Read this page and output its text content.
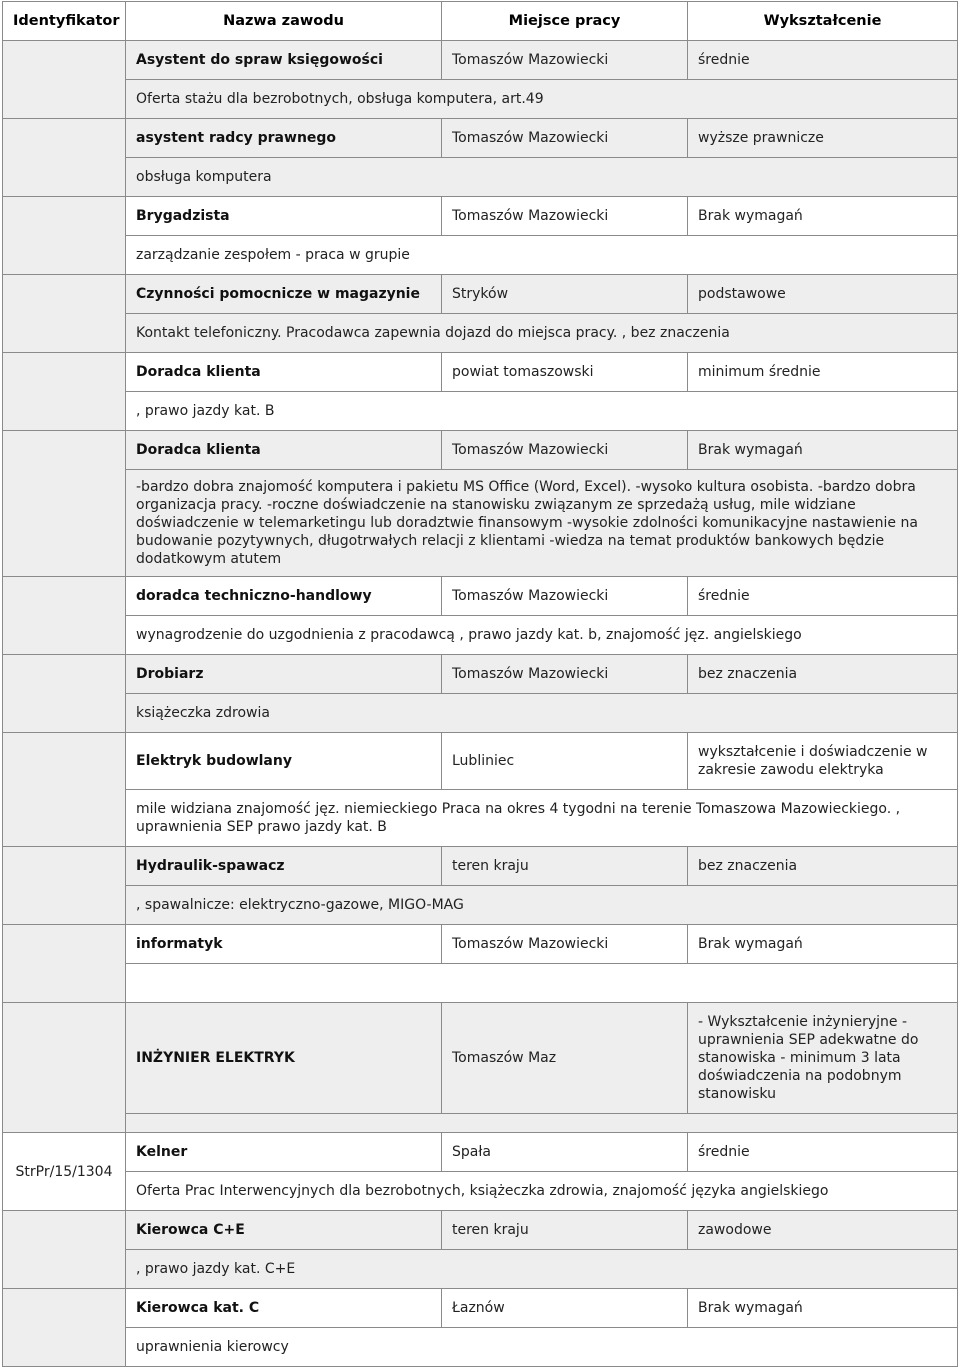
Identyfikator	Nazwa zawodu	Miejsce pracy	Wykształcenie
	Asystent do spraw księgowości	Tomaszów Mazowiecki	średnie
	Oferta stażu dla bezrobotnych, obsługa komputera, art.49		
	asystent radcy prawnego	Tomaszów Mazowiecki	wyższe prawnicze
	obsługa komputera		
	Brygadzista	Tomaszów Mazowiecki	Brak wymagań
	zarządzanie zespołem - praca w grupie		
	Czynności pomocnicze w magazynie	Stryków	podstawowe
	Kontakt telefoniczny. Pracodawca zapewnia dojazd do miejsca pracy. , bez znaczenia		
	Doradca klienta	powiat tomaszowski	minimum średnie
	, prawo jazdy kat. B		
	Doradca klienta	Tomaszów Mazowiecki	Brak wymagań
	-bardzo dobra znajomość komputera i pakietu MS Office (Word, Excel). -wysoko kultura osobista. -bardzo dobra organizacja pracy. -roczne doświadczenie na stanowisku związanym ze sprzedażą usług, mile widziane doświadczenie w telemarketingu lub doradztwie finansowym -wysokie zdolności komunikacyjne nastawienie na budowanie pozytywnych, długotrwałych relacji z klientami -wiedza na temat produktów bankowych będzie dodatkowym atutem		
	doradca techniczno-handlowy	Tomaszów Mazowiecki	średnie
	wynagrodzenie do uzgodnienia z pracodawcą , prawo jazdy kat. b, znajomość jęz. angielskiego		
	Drobiarz	Tomaszów Mazowiecki	bez znaczenia
	książeczka zdrowia		
	Elektryk budowlany	Lubliniec	wykształcenie i doświadczenie w zakresie zawodu elektryka
	mile widziana znajomość jęz. niemieckiego Praca na okres 4 tygodni na terenie Tomaszowa Mazowieckiego. , uprawnienia SEP prawo jazdy kat. B		
	Hydraulik-spawacz	teren kraju	bez znaczenia
	, spawalnicze: elektryczno-gazowe, MIGO-MAG		
	informatyk	Tomaszów Mazowiecki	Brak wymagań

	INŻYNIER ELEKTRYK	Tomaszów Maz	- Wykształcenie inżynieryjne - uprawnienia SEP adekwatne do stanowiska - minimum 3 lata doświadczenia na podobnym stanowisku

StrPr/15/1304	Kelner	Spała	średnie
	Oferta Prac Interwencyjnych dla bezrobotnych, książeczka zdrowia, znajomość języka angielskiego		
	Kierowca C+E	teren kraju	zawodowe
	, prawo jazdy kat. C+E		
	Kierowca kat. C	Łaznów	Brak wymagań
	uprawnienia kierowcy		
